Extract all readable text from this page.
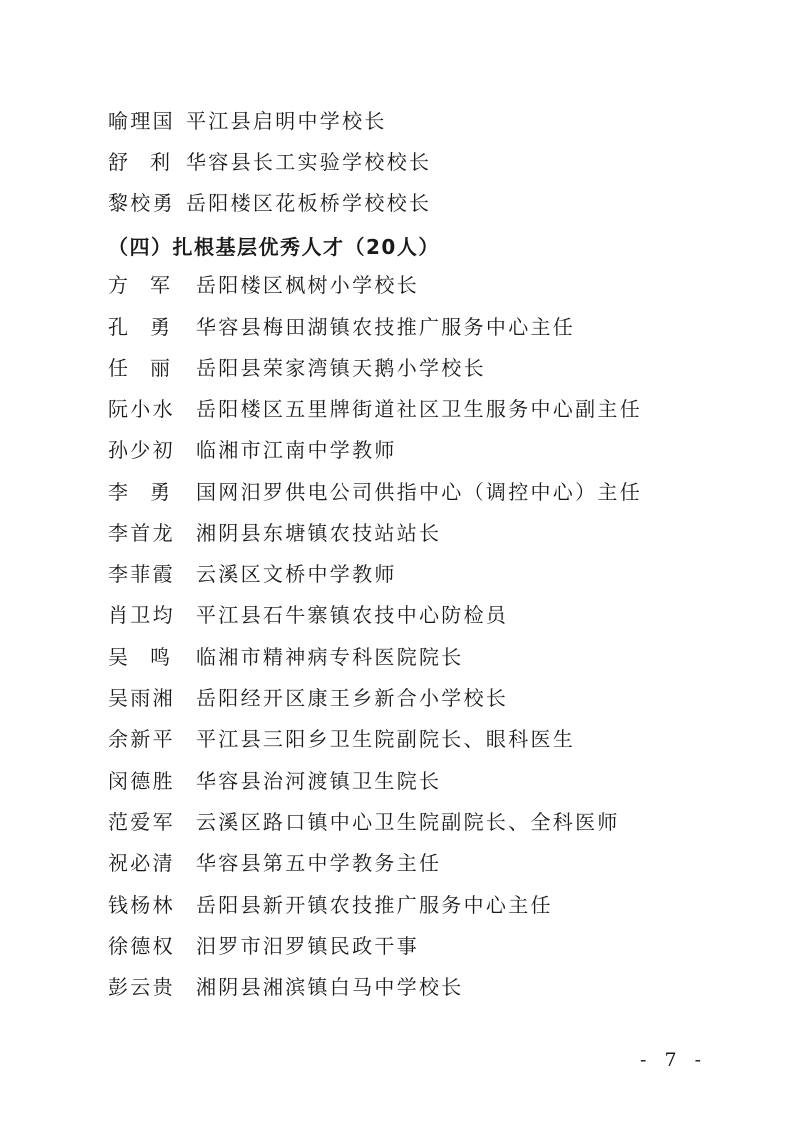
喻理国 平江县启明中学校长
舒 利 华容县长工实验学校校长
黎校勇 岳阳楼区花板桥学校校长
（四）扎根基层优秀人才（20人）
方 军 岳阳楼区枫树小学校长
孔 勇 华容县梅田湖镇农技推广服务中心主任
任 丽 岳阳县荣家湾镇天鹅小学校长
阮小水 岳阳楼区五里牌街道社区卫生服务中心副主任
孙少初 临湘市江南中学教师
李 勇 国网汨罗供电公司供指中心（调控中心）主任
李首龙 湘阴县东塘镇农技站站长
李菲霞 云溪区文桥中学教师
肖卫均 平江县石牛寨镇农技中心防检员
吴 鸣 临湘市精神病专科医院院长
吴雨湘 岳阳经开区康王乡新合小学校长
余新平 平江县三阳乡卫生院副院长、眼科医生
闵德胜 华容县治河渡镇卫生院长
范爱军 云溪区路口镇中心卫生院副院长、全科医师
祝必清 华容县第五中学教务主任
钱杨林 岳阳县新开镇农技推广服务中心主任
徐德权 汨罗市汨罗镇民政干事
彭云贵 湘阴县湘滨镇白马中学校长
- 7 -
